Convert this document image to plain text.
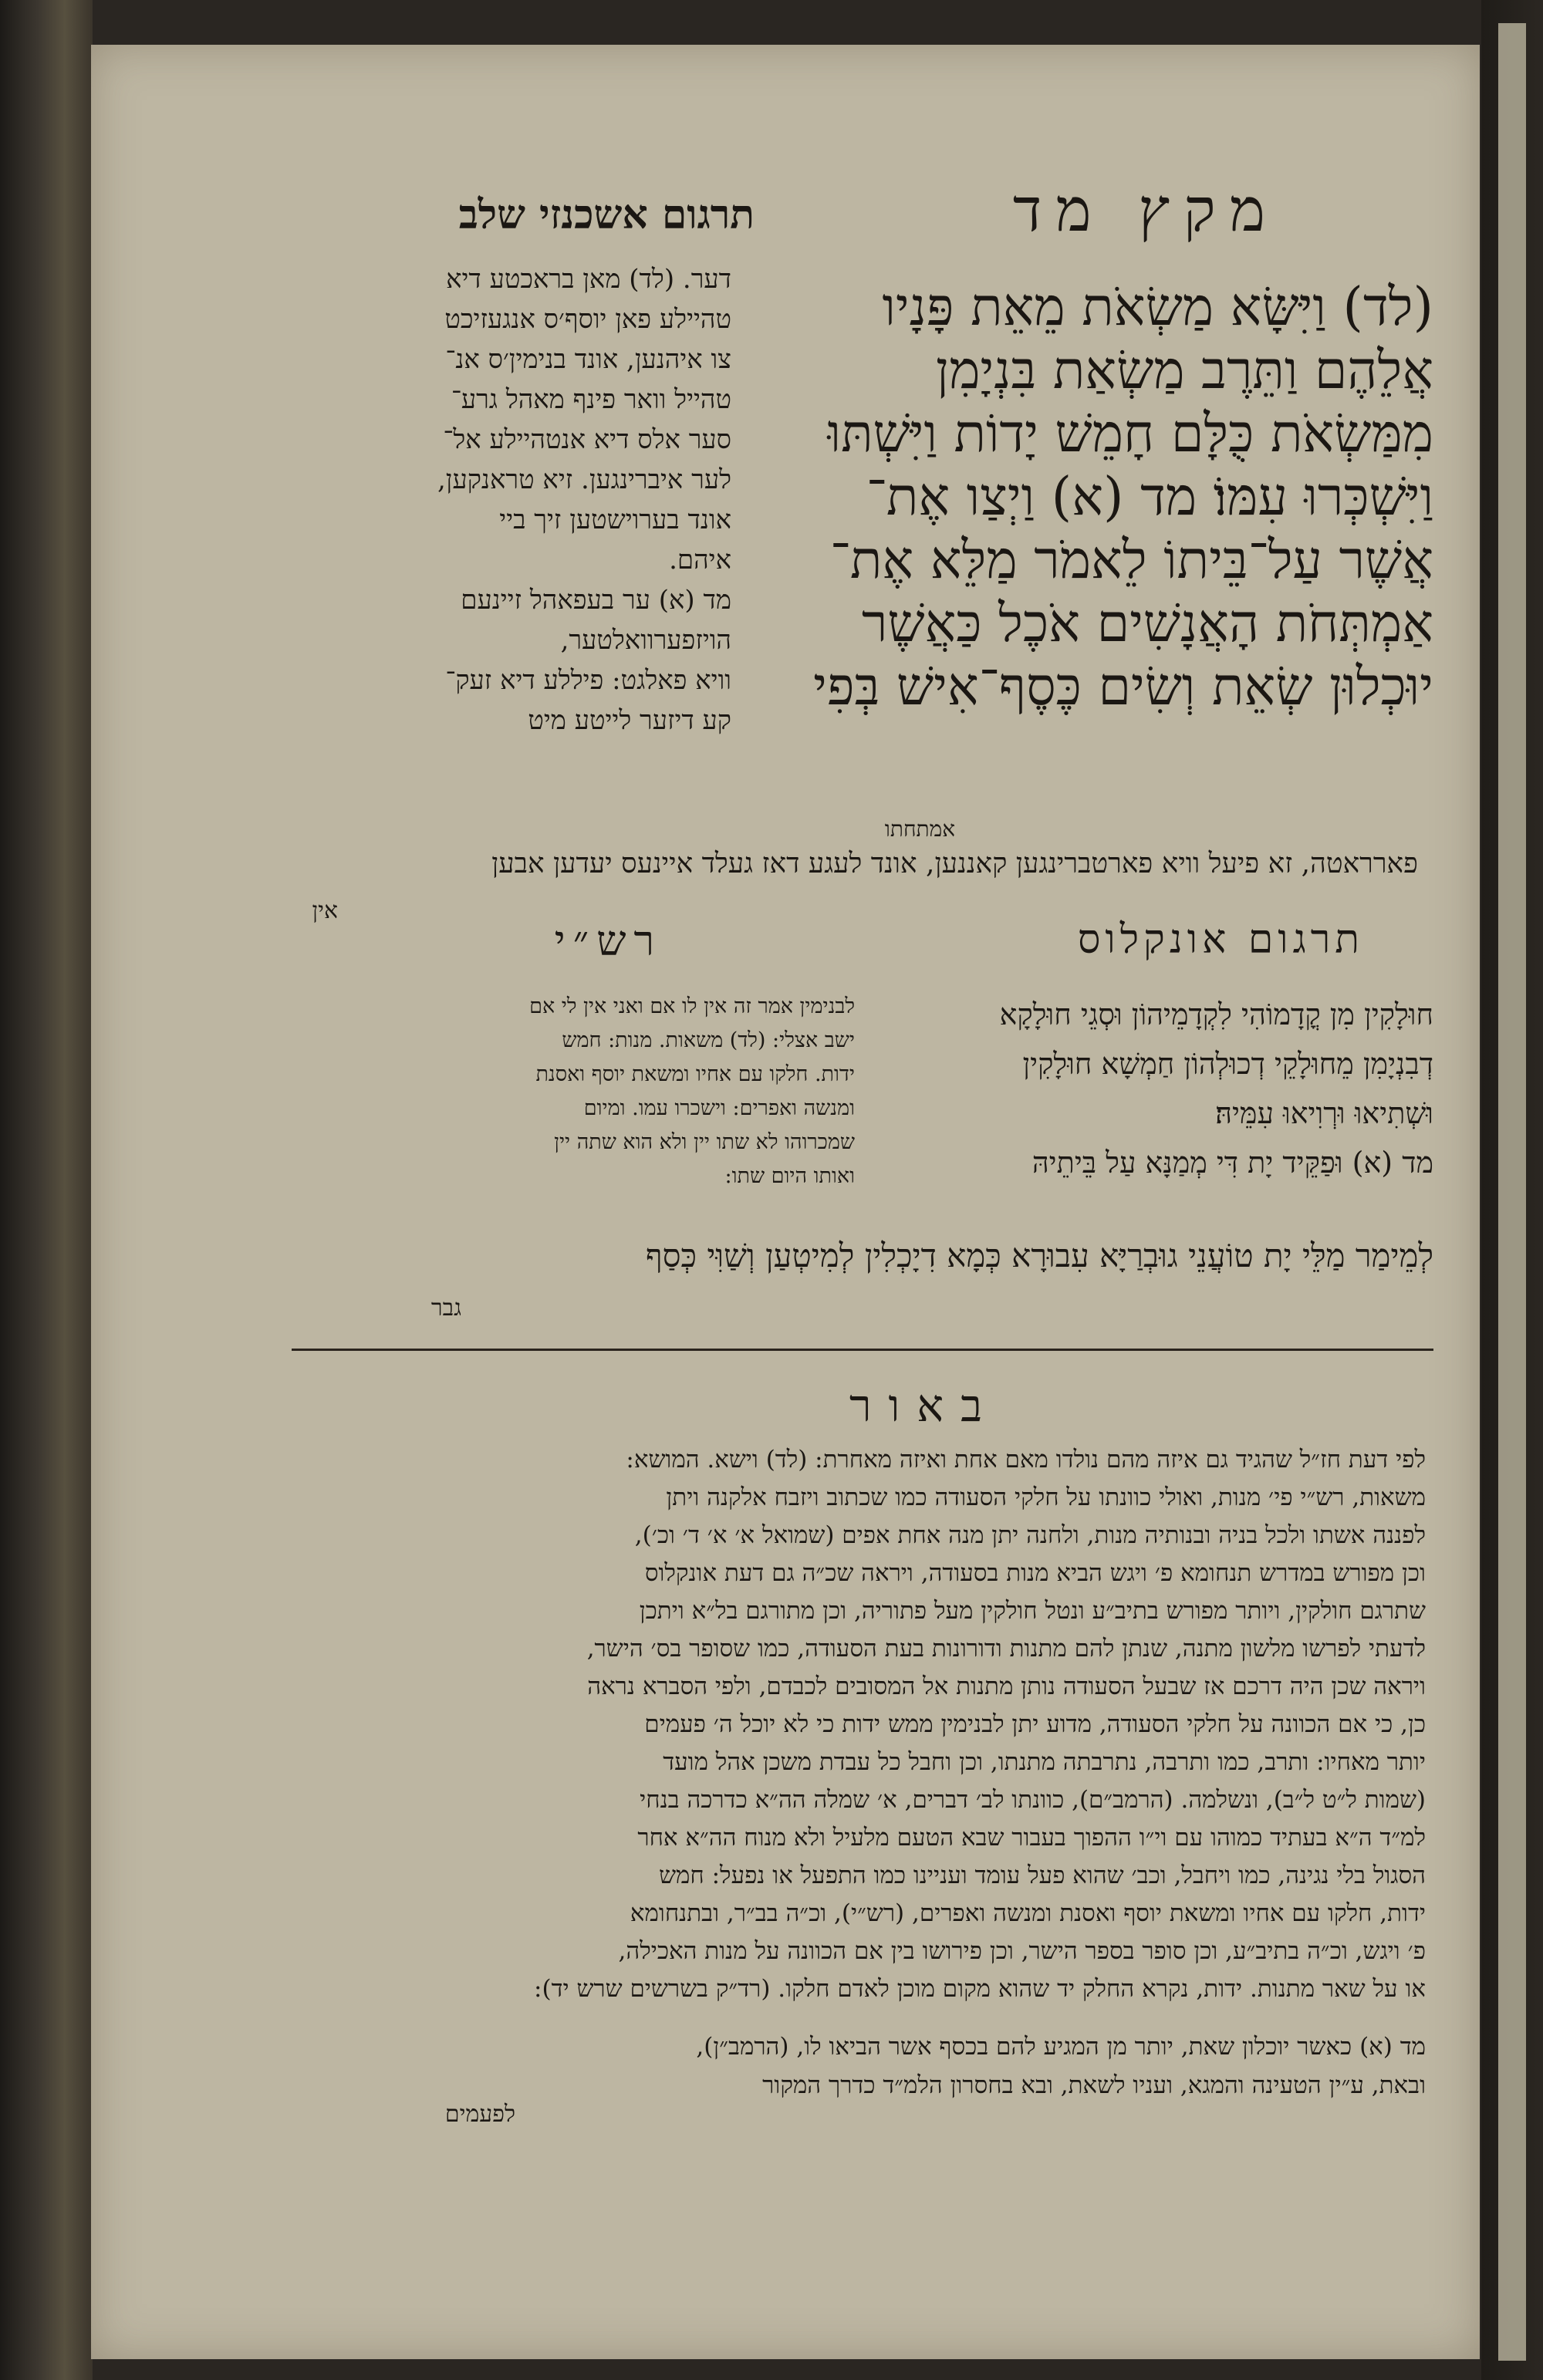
מקץ מד
תרגום אשכנזי שלב
(לד) וַיִּשָּׂא מַשְׂאֹת מֵאֵת פָּנָיו
אֲלֵהֶם וַתֵּרֶב מַשְׂאַת בִּנְיָמִן
מִמַּשְׂאֹת כֻּלָּם חָמֵשׁ יָדוֹת וַיִּשְׁתּוּ
וַיִּשְׁכְּרוּ עִמּוֹ׃ מד (א) וַיְצַו אֶת־
אֲשֶׁר עַל־בֵּיתוֹ לֵאמֹר מַלֵּא אֶת־
אַמְתְּחֹת הָאֲנָשִׁים אֹכֶל כַּאֲשֶׁר
יוּכְלוּן שְׂאֵת וְשִׂים כֶּסֶף־אִישׁ בְּפִי
אמתחתו
דער. (לד) מאן בראכטע דיא
טהיילע פאן יוסף׳ס אנגעזיכט
צו איהנען, אונד בנימין׳ס אנ־
טהייל וואר פינף מאהל גרע־
סער אלס דיא אנטהיילע אל־
לער איברינגען. זיא טראנקען,
אונד בערוישטען זיך ביי
איהם.
מד (א) ער בעפאהל זיינעם
הויזפערוואלטער,
וויא פאלגט: פיללע דיא זעק־
קע דיזער לייטע מיט
פארראטה, זא פיעל וויא פארטברינגען קאננען, אונד לעגע דאז געלד איינעס יעדען אבען
אין
תרגום אונקלוס
רש״י
חוּלָקִין מִן קֳדָמוֹהִי לִקְדָמֵיהוֹן וּסְגֵי חוּלָקָא
דְבִנְיָמִן מֵחוּלָקֵי דְכוּלְהוֹן חַמְשָׁא חוּלָקִין
וּשְׁתִיאוּ וּרְוִיאוּ עִמֵּיהּ׃
מד (א) וּפַקֵּיד יָת דִּי מְמַנָּא עַל בֵּיתֵיהּ
לבנימין אמר זה אין לו אם ואני אין לי אם
ישב אצלי: (לד) משאות. מנות: חמש
ידות. חלקו עם אחיו ומשאת יוסף ואסנת
ומנשה ואפרים: וישכרו עמו. ומיום
שמכרוהו לא שתו יין ולא הוא שתה יין
ואותו היום שתו:
לְמֵימַר מַלֵּי יָת טוֹעֲנֵי גוּבְרַיָּא עִבוּרָא כְּמָא דִיָכְלִין לְמִיטְעַן וְשַׁוִּי כְּסַף
גבר
באור
לפי דעת חז״ל שהגיד גם איזה מהם נולדו מאם אחת ואיזה מאחרת: (לד) וישא. המושא:
משאות, רש״י פי׳ מנות, ואולי כוונתו על חלקי הסעודה כמו שכתוב ויזבח אלקנה ויתן
לפננה אשתו ולכל בניה ובנותיה מנות, ולחנה יתן מנה אחת אפים (שמואל א׳ א׳ ד׳ וכ׳),
וכן מפורש במדרש תנחומא פ׳ ויגש הביא מנות בסעודה, ויראה שכ״ה גם דעת אונקלוס
שתרגם חולקין, ויותר מפורש בתיב״ע ונטל חולקין מעל פתוריה, וכן מתורגם בל״א ויתכן
לדעתי לפרשו מלשון מתנה, שנתן להם מתנות ודורונות בעת הסעודה, כמו שסופר בס׳ הישר,
ויראה שכן היה דרכם אז שבעל הסעודה נותן מתנות אל המסובים לכבדם, ולפי הסברא נראה
כן, כי אם הכוונה על חלקי הסעודה, מדוע יתן לבנימין ממש ידות כי לא יוכל ה׳ פעמים
יותר מאחיו: ותרב, כמו ותרבה, נתרבתה מתנתו, וכן וחבל כל עבדת משכן אהל מועד
(שמות ל״ט ל״ב), ונשלמה. (הרמב״ם), כוונתו לב׳ דברים, א׳ שמלה הה״א כדרכה בנחי
למ״ד ה״א בעתיד כמוהו עם וי״ו ההפוך בעבור שבא הטעם מלעיל ולא מנוח הה״א אחר
הסגול בלי נגינה, כמו ויחבל, וכב׳ שהוא פעל עומד ועניינו כמו התפעל או נפעל: חמש
ידות, חלקו עם אחיו ומשאת יוסף ואסנת ומנשה ואפרים, (רש״י), וכ״ה בב״ר, ובתנחומא
פ׳ ויגש, וכ״ה בתיב״ע, וכן סופר בספר הישר, וכן פירושו בין אם הכוונה על מנות האכילה,
או על שאר מתנות. ידות, נקרא החלק יד שהוא מקום מוכן לאדם חלקו. (רד״ק בשרשים שרש יד):
מד (א) כאשר יוכלון שאת, יותר מן המגיע להם בכסף אשר הביאו לו, (הרמב״ן),
ובאת, ע״ין הטעינה והמגא, ועניו לשאת, ובא בחסרון הלמ״ד כדרך המקור
לפעמים
